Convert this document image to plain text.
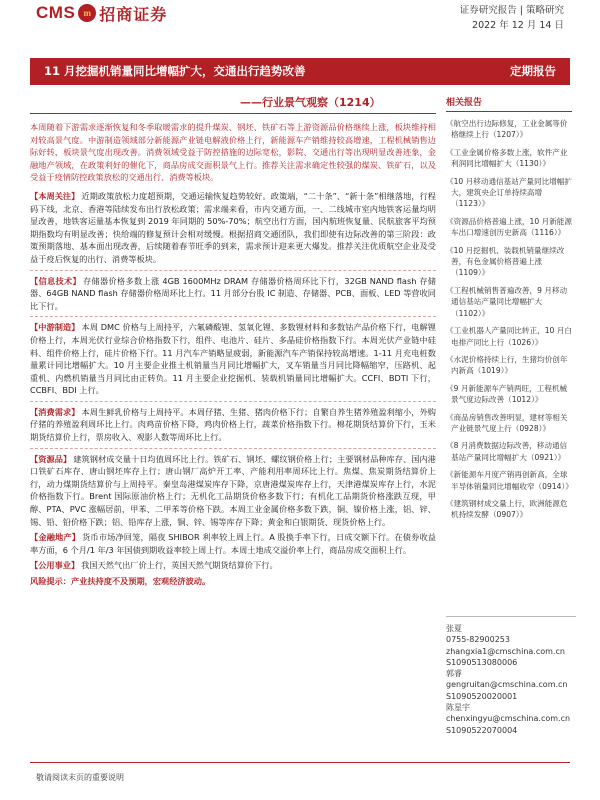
CMS m 招商证券	证券研究报告 | 策略研究
2022 年 12 月 14 日
11 月挖掘机销量同比增幅扩大，交通出行趋势改善	定期报告
——行业景气观察（1214）

本周随着下游需求逐渐恢复和冬季取暖需求的提升煤炭、钢坯、铁矿石等上游资源品价格继续上涨，板块维持相对较高景气度。中游制造领域部分新能源产业链电解液价格上行，新能源车产销维持较高增速，工程机械销售边际好转，板块景气度出现改善。消费领域受益于防控措施的边际宽松，影院、交通出行等出现明显改善迹象，金融地产领域，在政策利好的催化下，商品房成交面积景气上行。推荐关注需求确定性较强的煤炭、铁矿石，以及受益于疫情防控政策放松的交通出行、消费等板块。

【本周关注】 近期政策放松力度超预期，交通运输恢复趋势较好。政策端，“二十条”、“新十条”相继落地，行程码下线，北京、香港等陆续发布出行放松政策；需求端来看，市内交通方面，一、二线城市室内地铁客运量均明显改善，地铁客运量基本恢复到 2019 年同期的 50%-70%；航空出行方面，国内航班恢复量、民航旅客平均预期指数均有明显改善；快给端的修复预计会相对缓慢。根据招商交通团队，我们即使有边际改善的第三阶段：政策预期落地、基本面出现改善，后续随着春节旺季的到来，需求预计迎来更大爆发。推荐关注优质航空企业及受益于疫后恢复的出行、消费等板块。

【信息技术】 存储器价格多数上涨 4GB 1600MHz DRAM 存储器价格周环比下行，32GB NAND flash 存储器、64GB NAND flash 存储器价格周环比上行。11 月部分台股 IC 制造、存储器、PCB、面板、LED 等营收同比下行。

【中游制造】 本周 DMC 价格与上周持平，六氟磷酸锂、氢氧化锂、多数锂材料和多数钴产品价格下行，电解锂价格上行，本周光伏行业综合价格指数下行，组件、电池片、硅片、多晶硅价格指数下行。本周光伏产业链中硅料、组件价格上行，硅片价格下行。11 月汽车产销略显疲弱，新能源汽车产销保持较高增速。1-11 月充电桩数量累计同比增幅扩大。10 月主要企业推土机销量当月同比增幅扩大，叉车销量当月同比降幅缩窄，压路机、起重机、内燃机销量当月同比由正转负。11 月主要企业挖掘机、装载机销量同比增幅扩大。CCFI、BDTI 下行，CCBFI、BDI 上行。

【消费需求】 本周生鲜乳价格与上周持平。本周仔猪、生猪、猪肉价格下行；自繁自养生猪养殖盈利缩小，外购仔猪的养殖盈利周环比上行。肉鸡苗价格下降，鸡肉价格上行，蔬菜价格指数下行。棉花期货结算价下行，玉米期货结算价上行，票房收入、观影人数等周环比上行。

【资源品】 建筑钢材成交量十日均值周环比上行。铁矿石、钢坯、螺纹钢价格上行；主要钢材品种库存、国内港口铁矿石库存、唐山钢坯库存上行；唐山钢厂高炉开工率、产能利用率周环比上行。焦煤、焦炭期货结算价上行，动力煤期货结算价与上周持平。秦皇岛港煤炭库存下降，京唐港煤炭库存上行，天津港煤炭库存上行，水泥价格指数下行。Brent 国际原油价格上行；无机化工品期货价格多数下行；有机化工品期货价格涨跌互现，甲醇、PTA、PVC 涨幅居前，甲苯、二甲苯等价格下跌。本周工业金属价格多数下跌，铜、镍价格上涨，铝、锌、锡、铅、铅价格下跌；铝、铅库存上涨，铜、锌、锡等库存下降；黄金和白银期货、现货价格上行。

【金融地产】 货币市场净回笼，隔夜 SHIBOR 利率较上周上行。A 股换手率下行，日成交额下行。在债券收益率方面，6 个月/1 年/3 年国债到期收益率较上周上行。本周土地成交溢价率上行，商品房成交面积上行。

【公用事业】 我国天然气出厂价上行，英国天然气期货结算价下行。

风险提示：产业扶持度不及预期，宏观经济波动。

相关报告
《航空出行边际修复，工业金属等价格继续上行（1207）》
《工业金属价格多数上涨，软件产业利润同比增幅扩大（1130）》
《10 月移动通信基站产量同比增幅扩大，建筑央企订单持续高增（1123）》
《资源品价格普遍上涨，10 月新能源车出口增速创历史新高（1116）》
《10 月挖掘机、装载机销量继续改善，有色金属价格普遍上涨（1109）》
《工程机械销售普遍改善，9 月移动通信基站产量同比增幅扩大（1102）》
《工业机器人产量同比转正，10 月白电排产同比上行（1026）》
《水泥价格持续上行，生猪均价创年内新高（1019）》
《9 月新能源车产销两旺，工程机械景气度边际改善（1012）》
《商品房销售改善明显，建材等相关产业链景气度上行（0928）》
《8 月消费数据边际改善，移动通信基站产量同比增幅扩大（0921）》
《新能源车月度产销再创新高，全球半导体销量同比增幅收窄（0914）》
《建筑钢材成交量上行，欧洲能源危机持续发酵（0907）》
张夏
0755-82900253
zhangxia1@cmschina.com.cn
S1090513080006
郭睿
gengruitan@cmschina.com.cn
S1090520020001
陈星宇
chenxingyu@cmschina.com.cn
S1090522070004
敬请阅读末页的重要说明
